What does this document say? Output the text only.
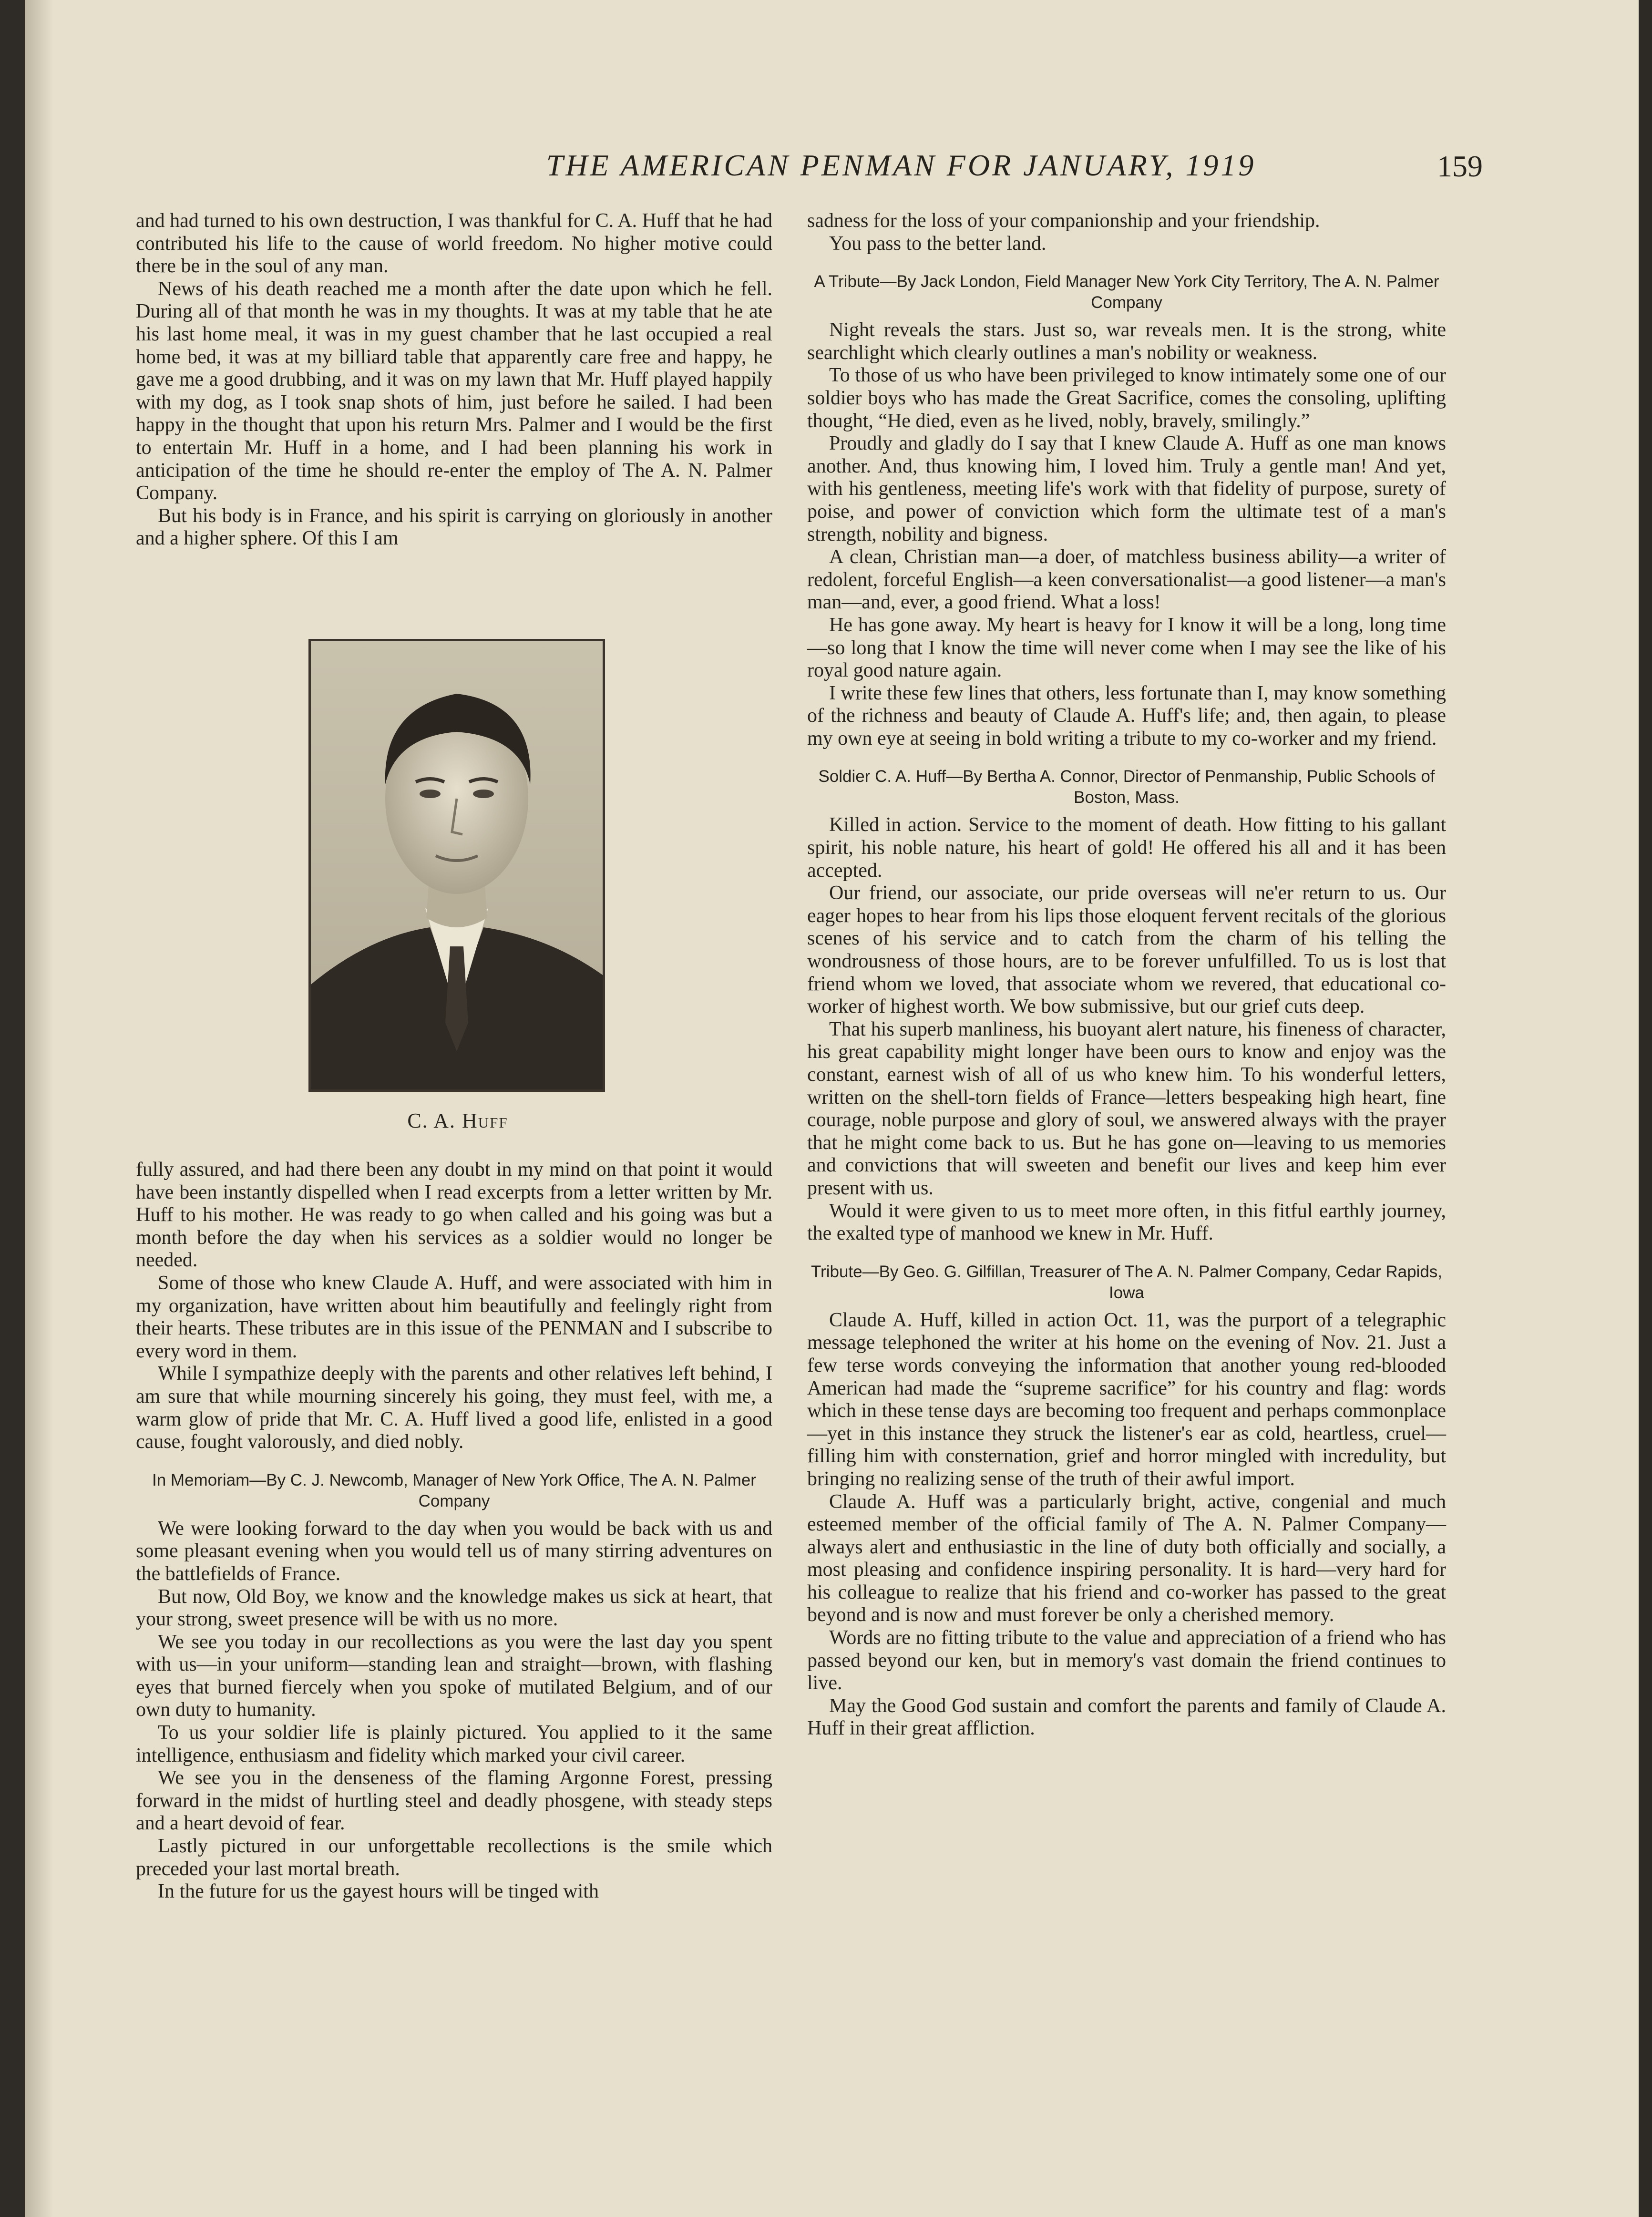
THE AMERICAN PENMAN FOR JANUARY, 1919	159

and had turned to his own destruction, I was thankful for C. A. Huff that he had contributed his life to the cause of world freedom. No higher motive could there be in the soul of any man.

News of his death reached me a month after the date upon which he fell. During all of that month he was in my thoughts. It was at my table that he ate his last home meal, it was in my guest chamber that he last occupied a real home bed, it was at my billiard table that apparently care free and happy, he gave me a good drubbing, and it was on my lawn that Mr. Huff played happily with my dog, as I took snap shots of him, just before he sailed. I had been happy in the thought that upon his return Mrs. Palmer and I would be the first to entertain Mr. Huff in a home, and I had been planning his work in anticipation of the time he should re-enter the employ of The A. N. Palmer Company.

But his body is in France, and his spirit is carrying on gloriously in another and a higher sphere. Of this I am

C. A. Huff

fully assured, and had there been any doubt in my mind on that point it would have been instantly dispelled when I read excerpts from a letter written by Mr. Huff to his mother. He was ready to go when called and his going was but a month before the day when his services as a soldier would no longer be needed.

Some of those who knew Claude A. Huff, and were associated with him in my organization, have written about him beautifully and feelingly right from their hearts. These tributes are in this issue of the PENMAN and I subscribe to every word in them.

While I sympathize deeply with the parents and other relatives left behind, I am sure that while mourning sincerely his going, they must feel, with me, a warm glow of pride that Mr. C. A. Huff lived a good life, enlisted in a good cause, fought valorously, and died nobly.

In Memoriam—By C. J. Newcomb, Manager of New York Office, The A. N. Palmer Company

We were looking forward to the day when you would be back with us and some pleasant evening when you would tell us of many stirring adventures on the battlefields of France.

But now, Old Boy, we know and the knowledge makes us sick at heart, that your strong, sweet presence will be with us no more.

We see you today in our recollections as you were the last day you spent with us—in your uniform—standing lean and straight—brown, with flashing eyes that burned fiercely when you spoke of mutilated Belgium, and of our own duty to humanity.

To us your soldier life is plainly pictured. You applied to it the same intelligence, enthusiasm and fidelity which marked your civil career.

We see you in the denseness of the flaming Argonne Forest, pressing forward in the midst of hurtling steel and deadly phosgene, with steady steps and a heart devoid of fear.

Lastly pictured in our unforgettable recollections is the smile which preceded your last mortal breath.

In the future for us the gayest hours will be tinged with

sadness for the loss of your companionship and your friendship.

You pass to the better land.

A Tribute—By Jack London, Field Manager New York City Territory, The A. N. Palmer Company

Night reveals the stars. Just so, war reveals men. It is the strong, white searchlight which clearly outlines a man's nobility or weakness.

To those of us who have been privileged to know intimately some one of our soldier boys who has made the Great Sacrifice, comes the consoling, uplifting thought, “He died, even as he lived, nobly, bravely, smilingly.”

Proudly and gladly do I say that I knew Claude A. Huff as one man knows another. And, thus knowing him, I loved him. Truly a gentle man! And yet, with his gentleness, meeting life's work with that fidelity of purpose, surety of poise, and power of conviction which form the ultimate test of a man's strength, nobility and bigness.

A clean, Christian man—a doer, of matchless business ability—a writer of redolent, forceful English—a keen conversationalist—a good listener—a man's man—and, ever, a good friend. What a loss!

He has gone away. My heart is heavy for I know it will be a long, long time—so long that I know the time will never come when I may see the like of his royal good nature again.

I write these few lines that others, less fortunate than I, may know something of the richness and beauty of Claude A. Huff's life; and, then again, to please my own eye at seeing in bold writing a tribute to my co-worker and my friend.

Soldier C. A. Huff—By Bertha A. Connor, Director of Penmanship, Public Schools of Boston, Mass.

Killed in action. Service to the moment of death. How fitting to his gallant spirit, his noble nature, his heart of gold! He offered his all and it has been accepted.

Our friend, our associate, our pride overseas will ne'er return to us. Our eager hopes to hear from his lips those eloquent fervent recitals of the glorious scenes of his service and to catch from the charm of his telling the wondrousness of those hours, are to be forever unfulfilled. To us is lost that friend whom we loved, that associate whom we revered, that educational co-worker of highest worth. We bow submissive, but our grief cuts deep.

That his superb manliness, his buoyant alert nature, his fineness of character, his great capability might longer have been ours to know and enjoy was the constant, earnest wish of all of us who knew him. To his wonderful letters, written on the shell-torn fields of France—letters bespeaking high heart, fine courage, noble purpose and glory of soul, we answered always with the prayer that he might come back to us. But he has gone on—leaving to us memories and convictions that will sweeten and benefit our lives and keep him ever present with us.

Would it were given to us to meet more often, in this fitful earthly journey, the exalted type of manhood we knew in Mr. Huff.

Tribute—By Geo. G. Gilfillan, Treasurer of The A. N. Palmer Company, Cedar Rapids, Iowa

Claude A. Huff, killed in action Oct. 11, was the purport of a telegraphic message telephoned the writer at his home on the evening of Nov. 21. Just a few terse words conveying the information that another young red-blooded American had made the “supreme sacrifice” for his country and flag: words which in these tense days are becoming too frequent and perhaps commonplace—yet in this instance they struck the listener's ear as cold, heartless, cruel—filling him with consternation, grief and horror mingled with incredulity, but bringing no realizing sense of the truth of their awful import.

Claude A. Huff was a particularly bright, active, congenial and much esteemed member of the official family of The A. N. Palmer Company—always alert and enthusiastic in the line of duty both officially and socially, a most pleasing and confidence inspiring personality. It is hard—very hard for his colleague to realize that his friend and co-worker has passed to the great beyond and is now and must forever be only a cherished memory.

Words are no fitting tribute to the value and appreciation of a friend who has passed beyond our ken, but in memory's vast domain the friend continues to live.

May the Good God sustain and comfort the parents and family of Claude A. Huff in their great affliction.
